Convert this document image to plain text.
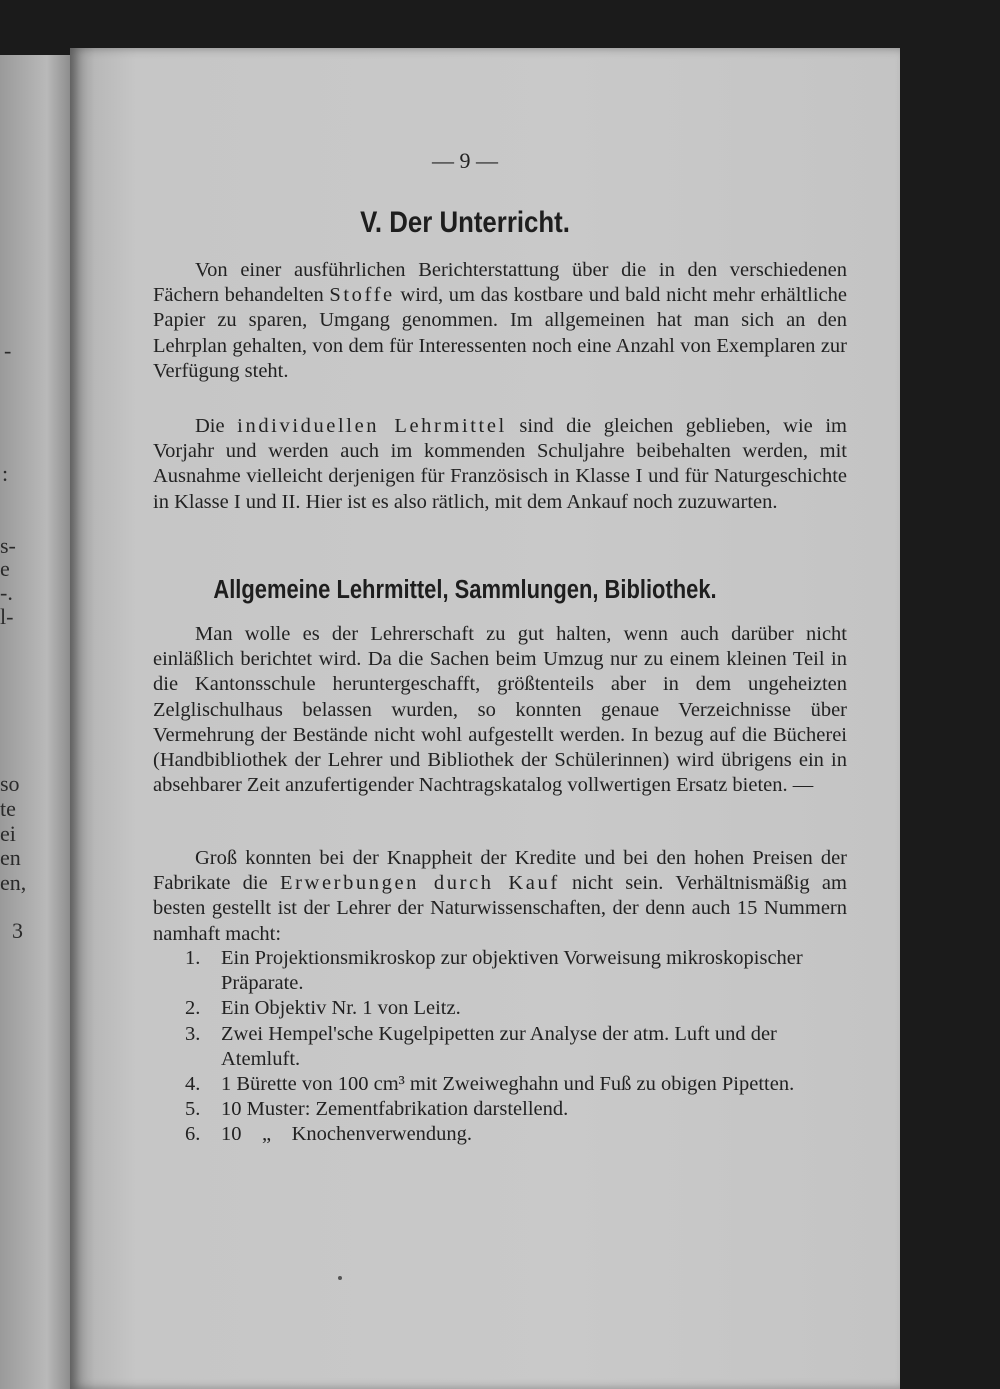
-
:
s-
e
-.
l-
so
te
ei
en
en,
3
— 9 —
V. Der Unterricht.

Von einer ausführlichen Berichterstattung über die in den verschiedenen Fächern behandelten Stoffe wird, um das kostbare und bald nicht mehr erhältliche Papier zu sparen, Umgang genommen. Im allgemeinen hat man sich an den Lehrplan gehalten, von dem für Interessenten noch eine Anzahl von Exemplaren zur Verfügung steht.

Die individuellen Lehrmittel sind die gleichen geblieben, wie im Vorjahr und werden auch im kommenden Schuljahre beibehalten werden, mit Ausnahme vielleicht derjenigen für Französisch in Klasse I und für Naturgeschichte in Klasse I und II. Hier ist es also rätlich, mit dem Ankauf noch zuzuwarten.

Allgemeine Lehrmittel, Sammlungen, Bibliothek.

Man wolle es der Lehrerschaft zu gut halten, wenn auch darüber nicht einläßlich berichtet wird. Da die Sachen beim Umzug nur zu einem kleinen Teil in die Kantonsschule heruntergeschafft, größtenteils aber in dem ungeheizten Zelglischulhaus belassen wurden, so konnten genaue Verzeichnisse über Vermehrung der Bestände nicht wohl aufgestellt werden. In bezug auf die Bücherei (Handbibliothek der Lehrer und Bibliothek der Schülerinnen) wird übrigens ein in absehbarer Zeit anzufertigender Nachtragskatalog vollwertigen Ersatz bieten. —

Groß konnten bei der Knappheit der Kredite und bei den hohen Preisen der Fabrikate die Erwerbungen durch Kauf nicht sein. Verhältnismäßig am besten gestellt ist der Lehrer der Naturwissenschaften, der denn auch 15 Nummern namhaft macht:

1. Ein Projektionsmikroskop zur objektiven Vorweisung mikroskopischer Präparate.
2. Ein Objektiv Nr. 1 von Leitz.
3. Zwei Hempel'sche Kugelpipetten zur Analyse der atm. Luft und der Atemluft.
4. 1 Bürette von 100 cm³ mit Zweiweghahn und Fuß zu obigen Pipetten.
5. 10 Muster: Zementfabrikation darstellend.
6. 10    „    Knochenverwendung.
